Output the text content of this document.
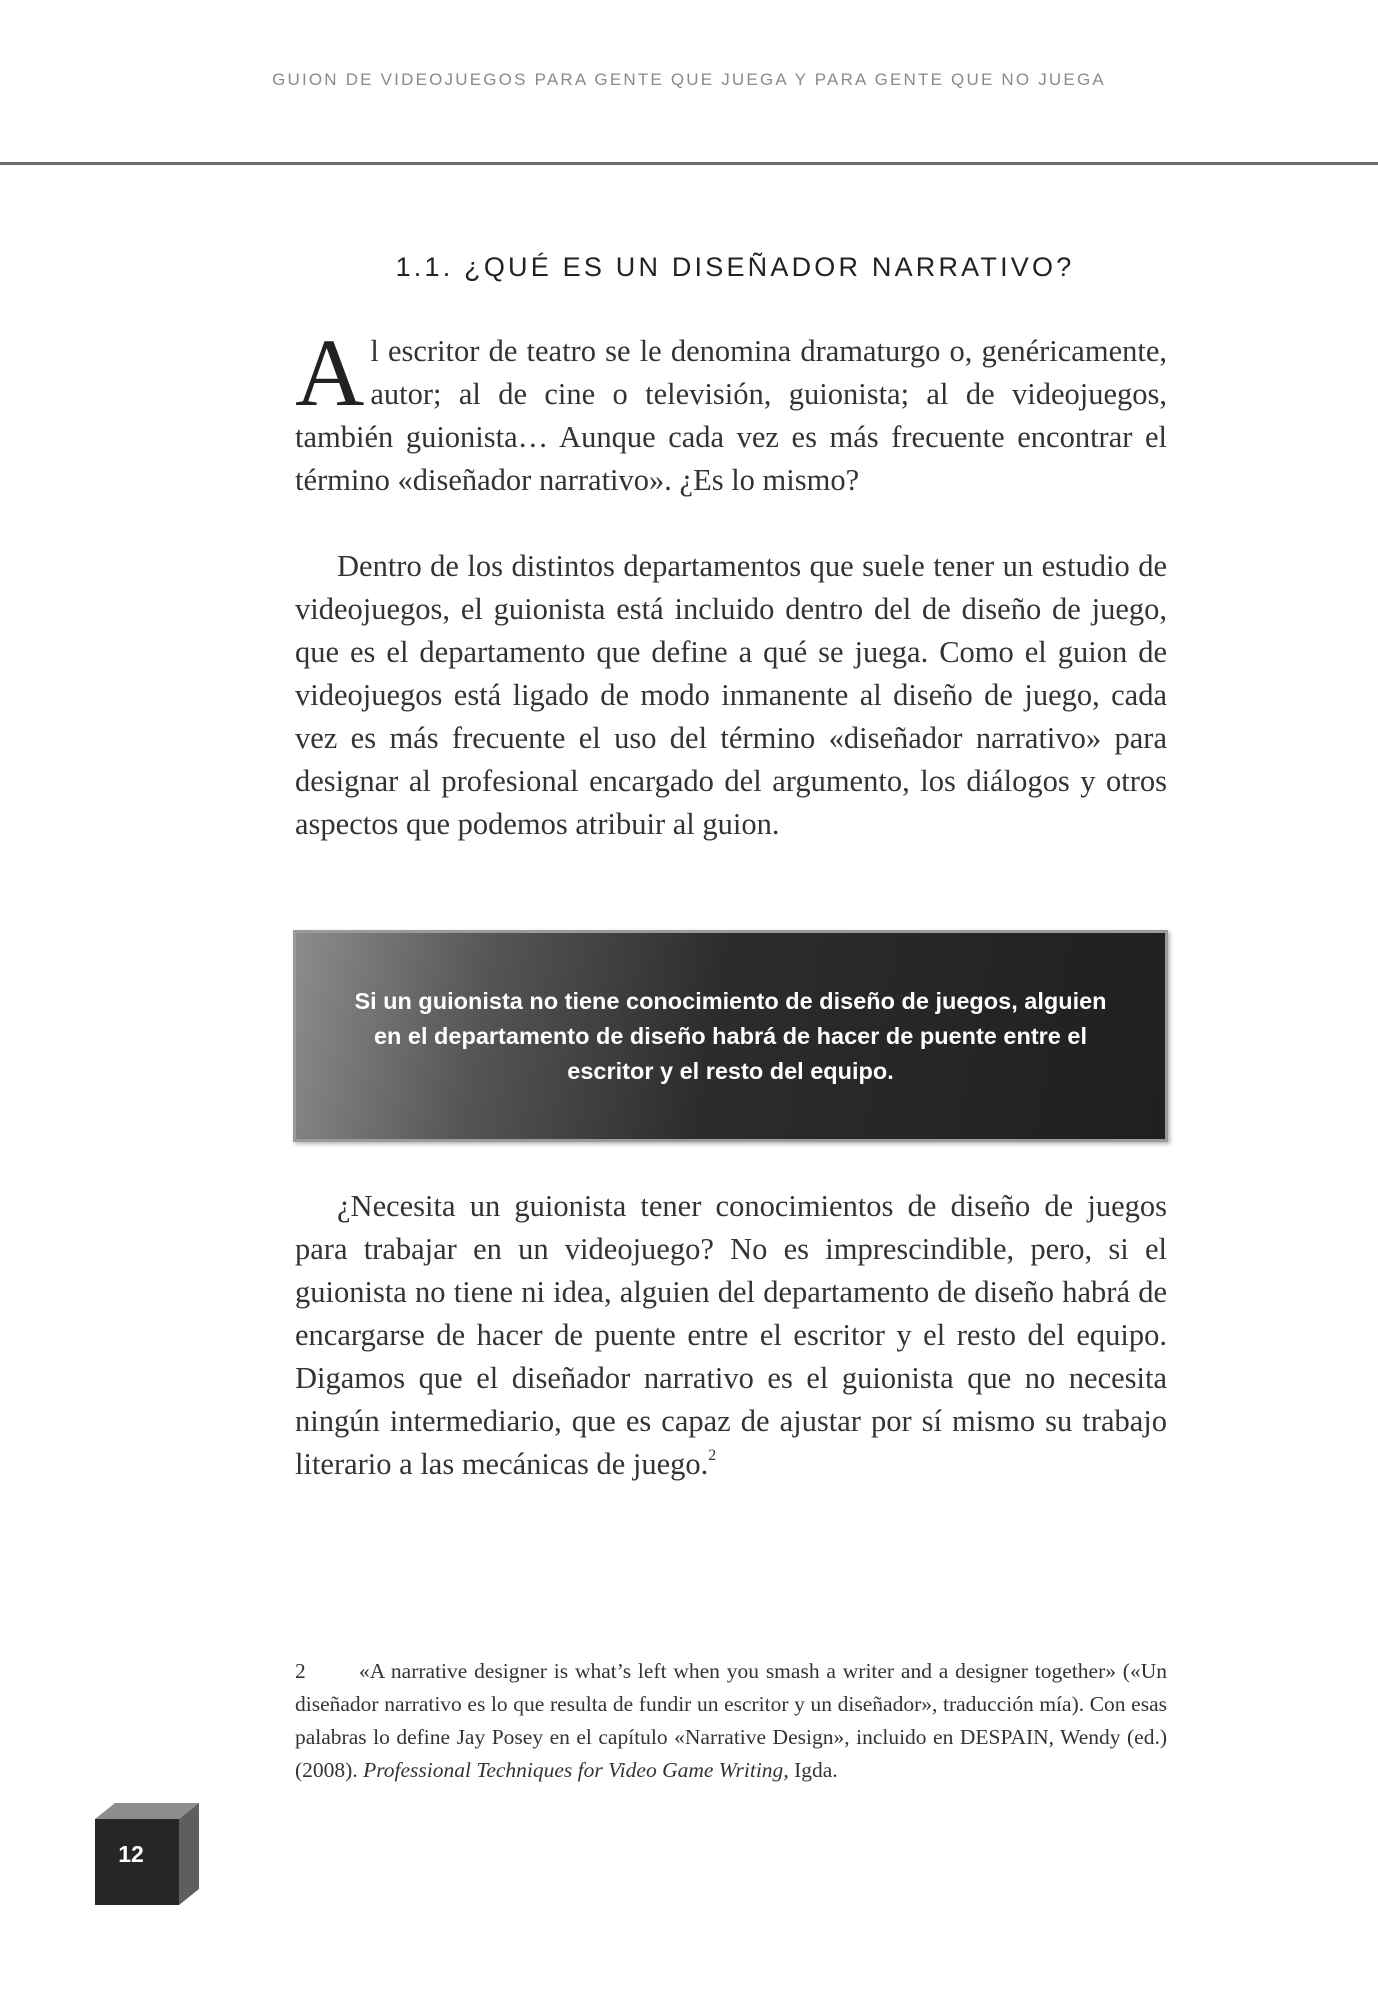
GUION DE VIDEOJUEGOS PARA GENTE QUE JUEGA Y PARA GENTE QUE NO JUEGA
1.1. ¿QUÉ ES UN DISEÑADOR NARRATIVO?
Al escritor de teatro se le denomina dramaturgo o, genéricamente, autor; al de cine o televisión, guionista; al de videojuegos, también guionista… Aunque cada vez es más frecuente encontrar el término «diseñador narrativo». ¿Es lo mismo?
Dentro de los distintos departamentos que suele tener un estudio de videojuegos, el guionista está incluido dentro del de diseño de juego, que es el departamento que define a qué se juega. Como el guion de videojuegos está ligado de modo inmanente al diseño de juego, cada vez es más frecuente el uso del término «diseñador narrativo» para designar al profesional encargado del argumento, los diálogos y otros aspectos que podemos atribuir al guion.
Si un guionista no tiene conocimiento de diseño de juegos, alguien en el departamento de diseño habrá de hacer de puente entre el escritor y el resto del equipo.
¿Necesita un guionista tener conocimientos de diseño de juegos para trabajar en un videojuego? No es imprescindible, pero, si el guionista no tiene ni idea, alguien del departamento de diseño habrá de encargarse de hacer de puente entre el escritor y el resto del equipo. Digamos que el diseñador narrativo es el guionista que no necesita ningún intermediario, que es capaz de ajustar por sí mismo su trabajo literario a las mecánicas de juego.$^2$
2 «A narrative designer is what’s left when you smash a writer and a designer together» («Un diseñador narrativo es lo que resulta de fundir un escritor y un diseñador», traducción mía). Con esas palabras lo define Jay Posey en el capítulo «Narrative Design», incluido en DESPAIN, Wendy (ed.) (2008). Professional Techniques for Video Game Writing, Igda.
12
